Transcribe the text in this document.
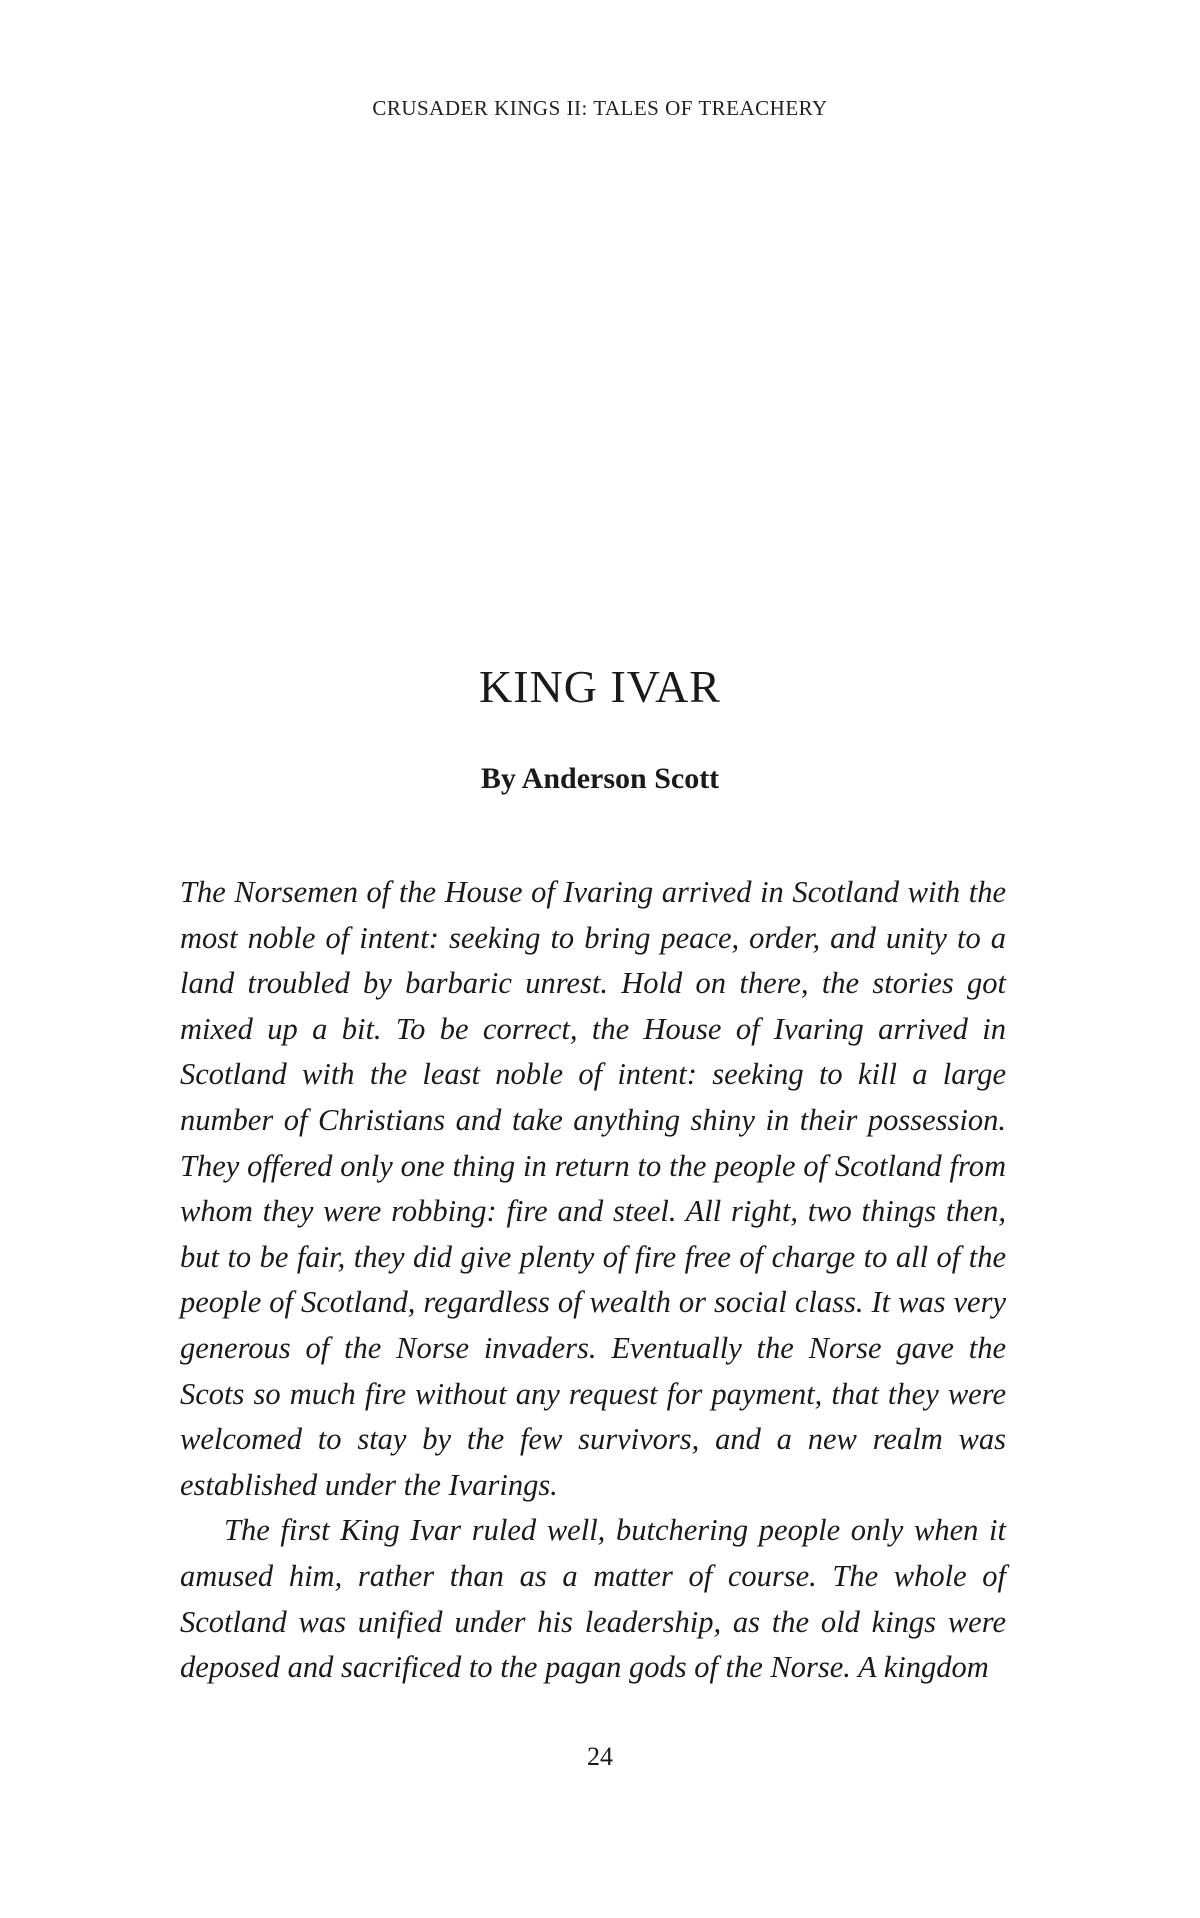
CRUSADER KINGS II: TALES OF TREACHERY
KING IVAR
By Anderson Scott

The Norsemen of the House of Ivaring arrived in Scotland with the most noble of intent: seeking to bring peace, order, and unity to a land troubled by barbaric unrest. Hold on there, the stories got mixed up a bit. To be correct, the House of Ivaring arrived in Scotland with the least noble of intent: seeking to kill a large number of Christians and take anything shiny in their possession. They offered only one thing in return to the people of Scotland from whom they were robbing: fire and steel. All right, two things then, but to be fair, they did give plenty of fire free of charge to all of the people of Scotland, regardless of wealth or social class. It was very generous of the Norse invaders. Eventually the Norse gave the Scots so much fire without any request for payment, that they were welcomed to stay by the few survivors, and a new realm was established under the Ivarings.

The first King Ivar ruled well, butchering people only when it amused him, rather than as a matter of course. The whole of Scotland was unified under his leadership, as the old kings were deposed and sacrificed to the pagan gods of the Norse. A kingdom

24
